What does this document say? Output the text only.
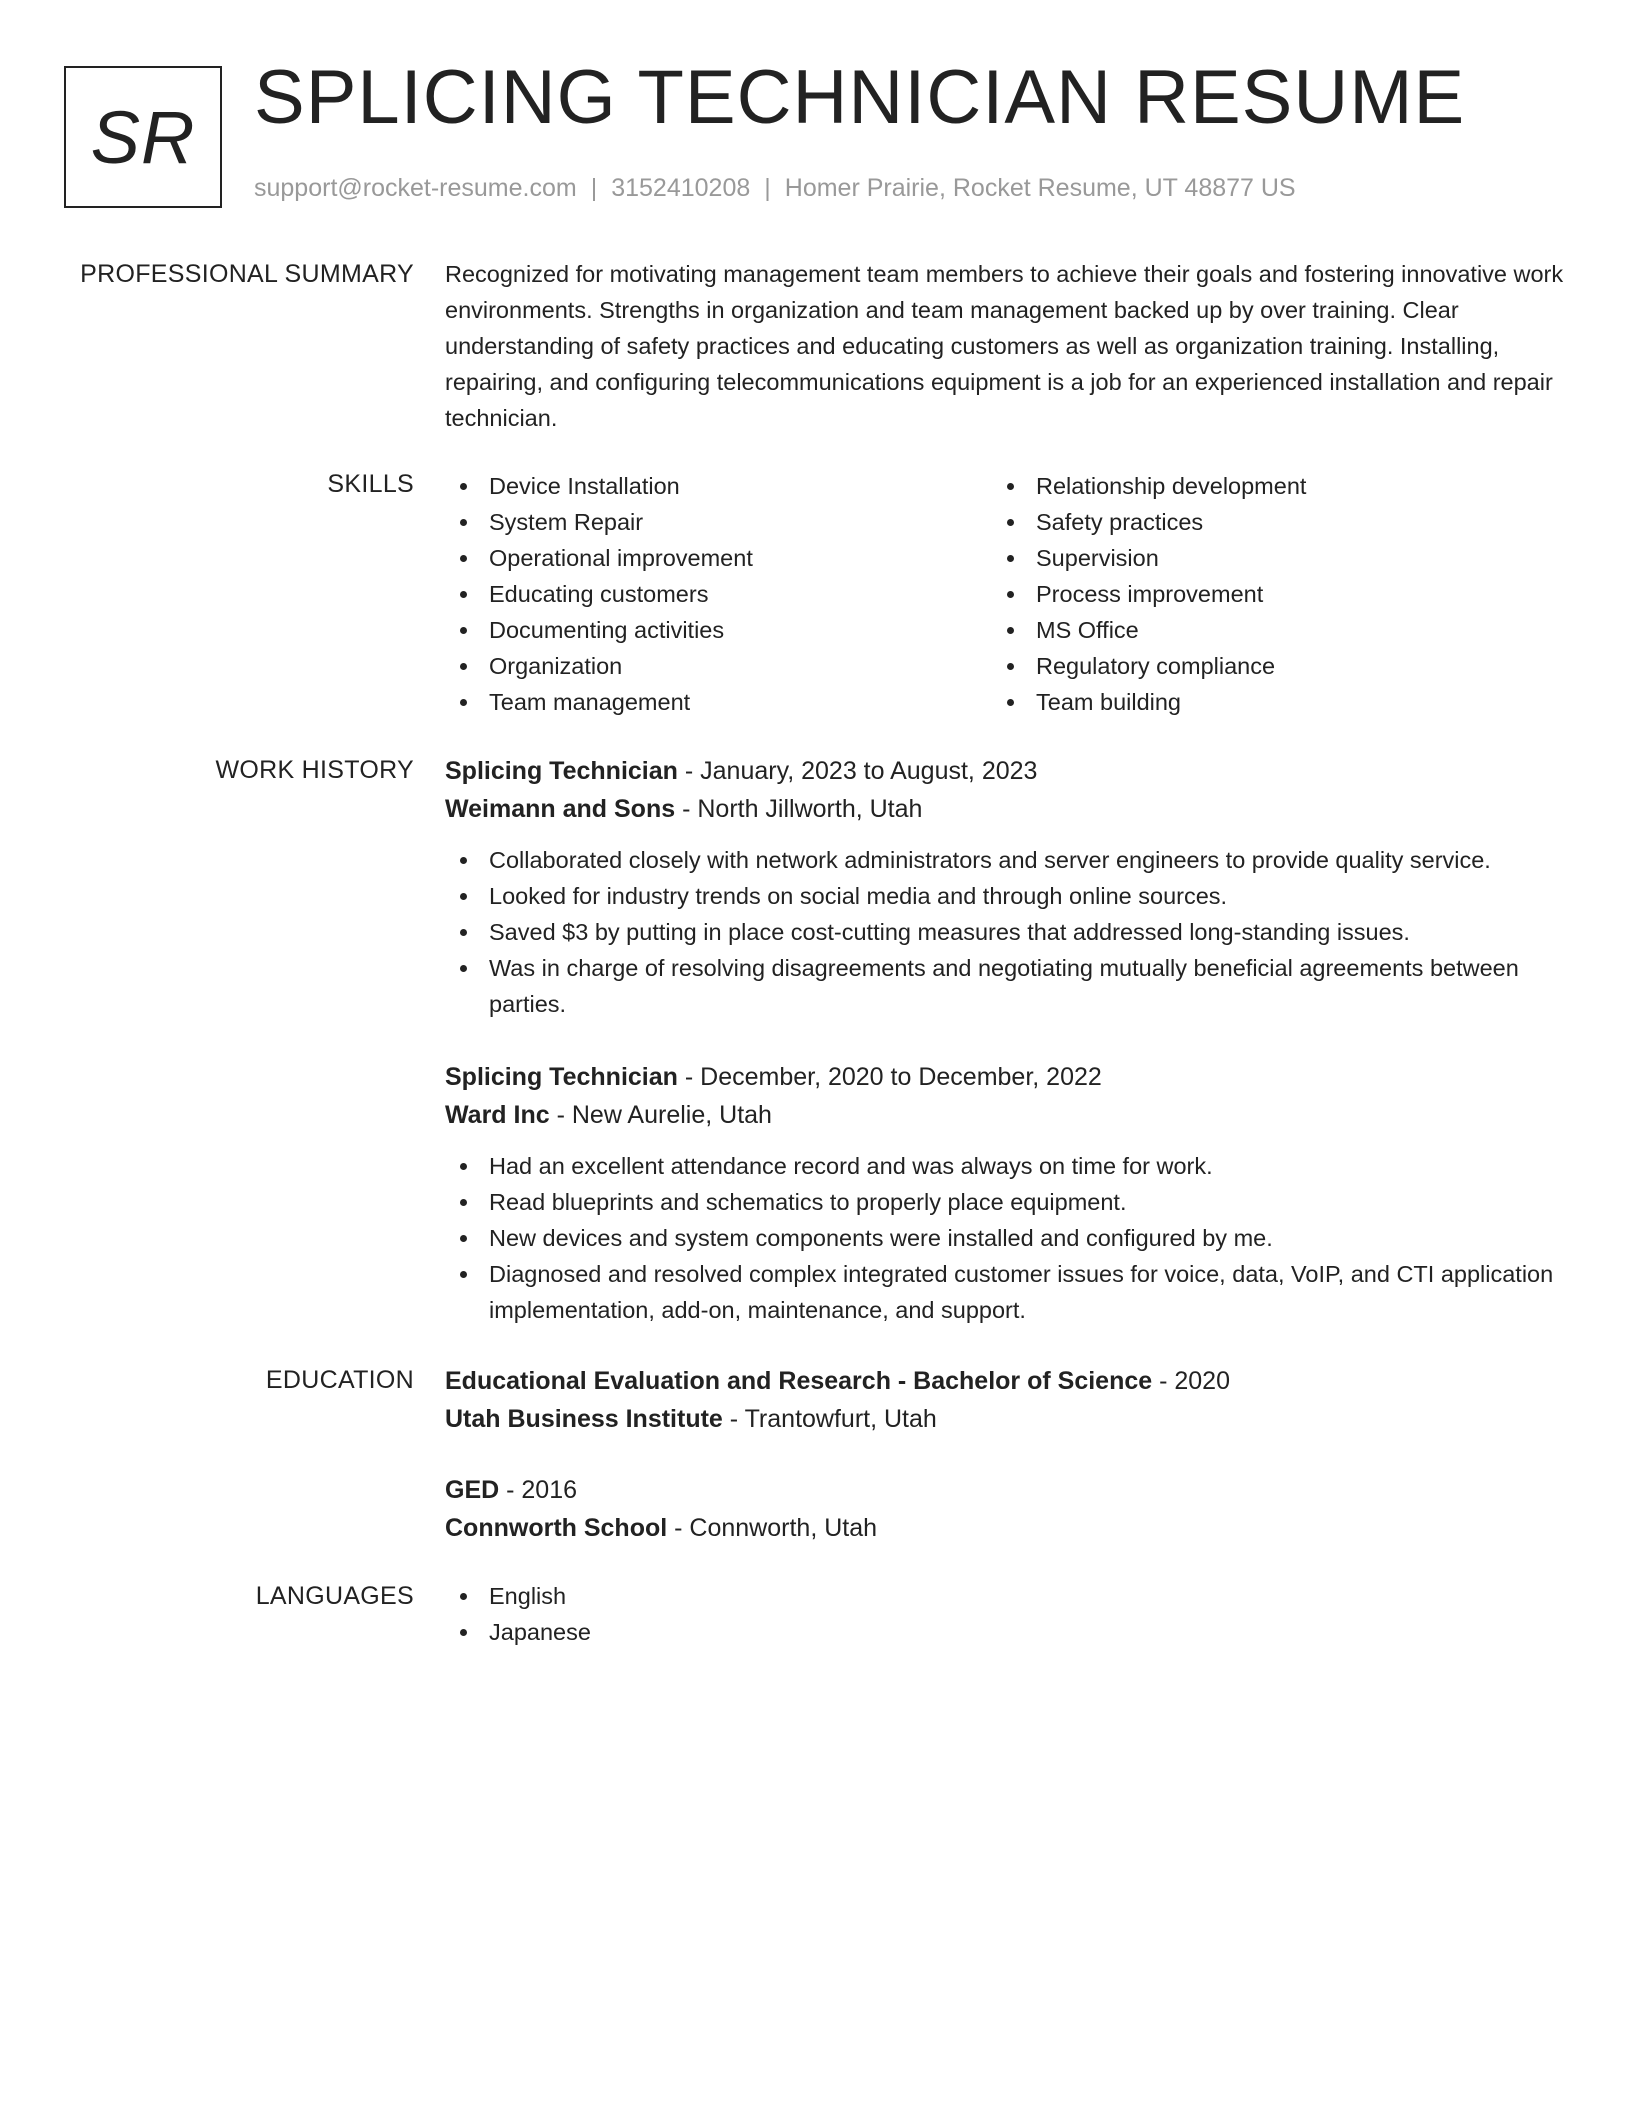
SR SPLICING TECHNICIAN RESUME
support@rocket-resume.com | 3152410208 | Homer Prairie, Rocket Resume, UT 48877 US
PROFESSIONAL SUMMARY Recognized for motivating management team members to achieve their goals and fostering innovative work environments. Strengths in organization and team management backed up by over training. Clear understanding of safety practices and educating customers as well as organization training. Installing, repairing, and configuring telecommunications equipment is a job for an experienced installation and repair technician.
SKILLS	Device Installation
System Repair
Operational improvement
Educating customers
Documenting activities
Organization
Team management
Relationship development
Safety practices
Supervision
Process improvement
MS Office
Regulatory compliance
Team building
WORK HISTORY Splicing Technician - January, 2023 to August, 2023
Weimann and Sons - North Jillworth, Utah
Collaborated closely with network administrators and server engineers to provide quality service.
Looked for industry trends on social media and through online sources.
Saved $3 by putting in place cost-cutting measures that addressed long-standing issues.
Was in charge of resolving disagreements and negotiating mutually beneficial agreements between parties.
Splicing Technician - December, 2020 to December, 2022
Ward Inc - New Aurelie, Utah
Had an excellent attendance record and was always on time for work.
Read blueprints and schematics to properly place equipment.
New devices and system components were installed and configured by me.
Diagnosed and resolved complex integrated customer issues for voice, data, VoIP, and CTI application implementation, add-on, maintenance, and support.
EDUCATION Educational Evaluation and Research - Bachelor of Science - 2020
Utah Business Institute - Trantowfurt, Utah
GED - 2016
Connworth School - Connworth, Utah
LANGUAGES	English
Japanese
